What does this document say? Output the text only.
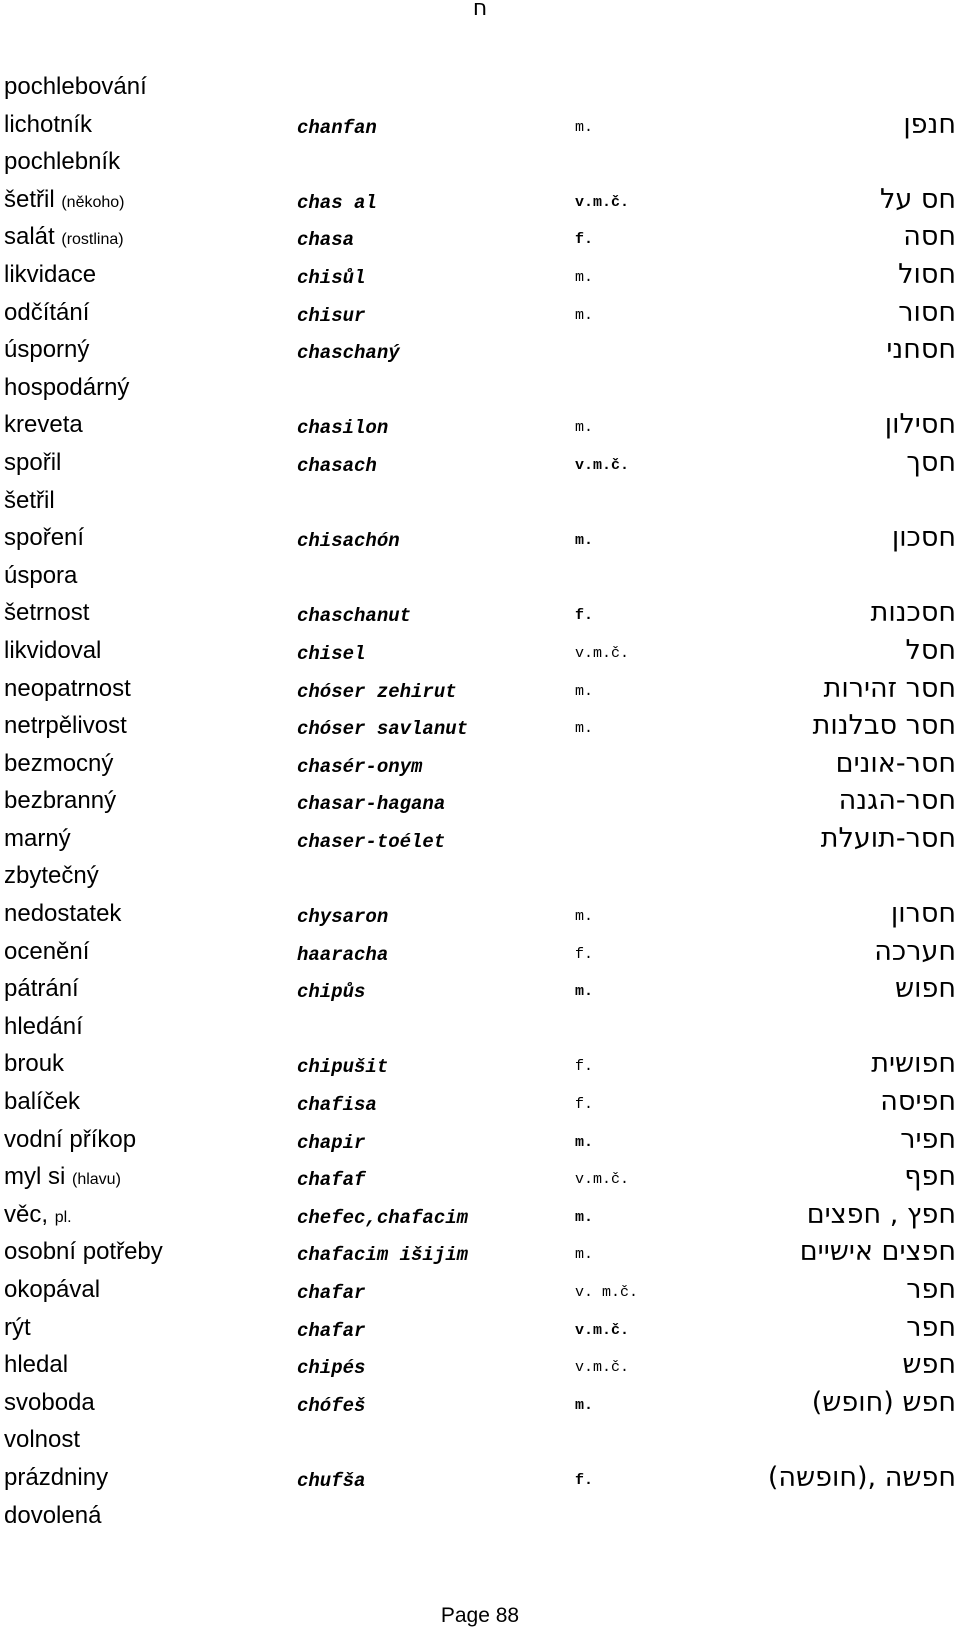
ח
pochlebování
lichotník	chanfan	m.	חנפן
pochlebník
šetřil (někoho)	chas al	v.m.č.	חס על
salát (rostlina)	chasa	f.	חסה
likvidace	chisůl	m.	חסול
odčítání	chisur	m.	חסור
úsporný	chaschaný	חסחני
hospodárný
kreveta	chasilon	m.	חסילון
spořil	chasach	v.m.č.	חסך
šetřil
spoření	chisachón	m.	חסכון
úspora
šetrnost	chaschanut	f.	חסכנות
likvidoval	chisel	v.m.č.	חסל
neopatrnost	chóser zehirut	m.	חסר זהירות
netrpělivost	chóser savlanut	m.	חסר סבלנות
bezmocný	chasér-onym	חסר-אונים
bezbranný	chasar-hagana	חסר-הגנה
marný	chaser-toélet	חסר-תועלת
zbytečný
nedostatek	chysaron	m.	חסרון
ocenění	haaracha	f.	חערכה
pátrání	chipůs	m.	חפוש
hledání
brouk	chipušit	f.	חפושית
balíček	chafisa	f.	חפיסה
vodní příkop	chapir	m.	חפיר
myl si (hlavu)	chafaf	v.m.č.	חפף
věc, pl.	chefec,chafacim	m.	חפץ , חפצים
osobní potřeby	chafacim išijim	m.	חפצים אישיים
okopával	chafar	v. m.č.	חפר
rýt	chafar	v.m.č.	חפר
hledal	chipés	v.m.č.	חפש
svoboda	chófeš	m.	חפש (חופש)
volnost
prázdniny	chufša	f.	חפשה ,(חופשה)
dovolená
Page 88
